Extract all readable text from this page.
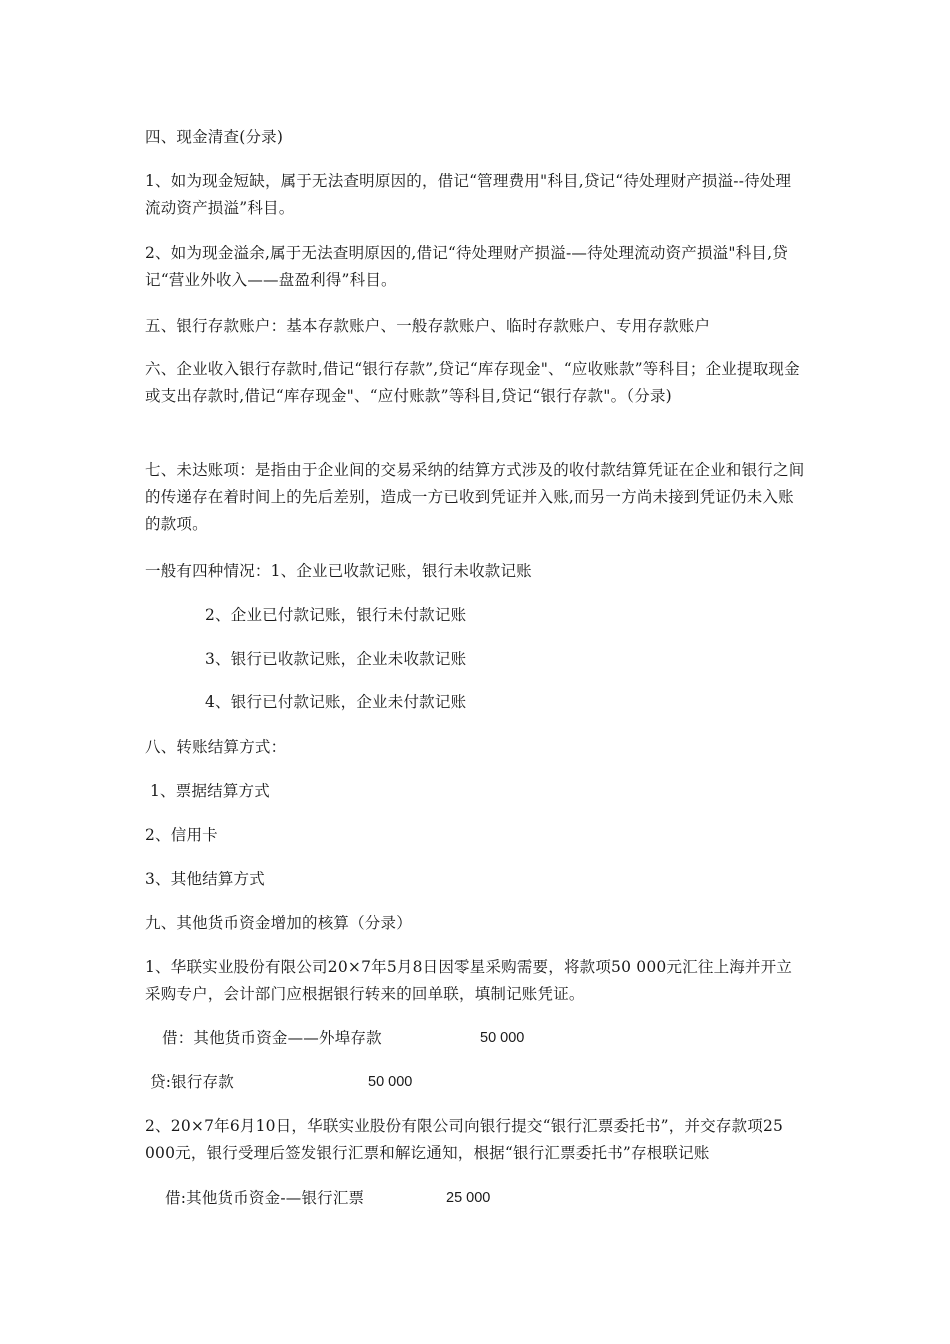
四、现金清查(分录)
1、如为现金短缺，属于无法查明原因的，借记“管理费用"科目,贷记“待处理财产损溢--待处理流动资产损溢”科目。
2、如为现金溢余,属于无法查明原因的,借记“待处理财产损溢-—待处理流动资产损溢"科目,贷记“营业外收入——盘盈利得”科目。
五、银行存款账户：基本存款账户、一般存款账户、临时存款账户、专用存款账户
六、企业收入银行存款时,借记“银行存款”,贷记“库存现金"、“应收账款”等科目；企业提取现金或支出存款时,借记“库存现金"、“应付账款”等科目,贷记“银行存款"。（分录)
七、未达账项：是指由于企业间的交易采纳的结算方式涉及的收付款结算凭证在企业和银行之间的传递存在着时间上的先后差别，造成一方已收到凭证并入账,而另一方尚未接到凭证仍未入账的款项。
一般有四种情况：1、企业已收款记账，银行未收款记账
2、企业已付款记账，银行未付款记账
3、银行已收款记账，企业未收款记账
4、银行已付款记账，企业未付款记账
八、转账结算方式：
1、票据结算方式
2、信用卡
3、其他结算方式
九、其他货币资金增加的核算（分录）
1、华联实业股份有限公司20×7年5月8日因零星采购需要，将款项50 000元汇往上海并开立采购专户，会计部门应根据银行转来的回单联，填制记账凭证。
借：其他货币资金——外埠存款	50 000
贷:银行存款	50 000
2、20×7年6月10日，华联实业股份有限公司向银行提交“银行汇票委托书”，并交存款项25 000元，银行受理后签发银行汇票和解讫通知，根据“银行汇票委托书”存根联记账
借:其他货币资金-—银行汇票	25 000
